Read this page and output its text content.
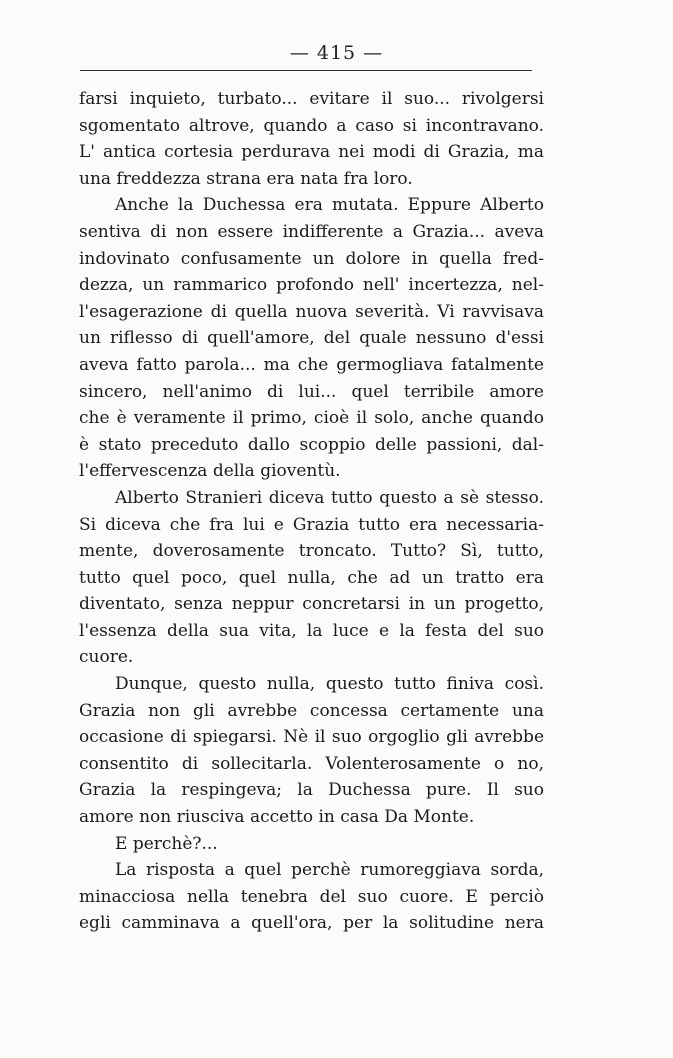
— 415 —
farsi inquieto, turbato... evitare il suo... rivolgersi
sgomentato altrove, quando a caso si incontravano.
L' antica cortesia perdurava nei modi di Grazia, ma
una freddezza strana era nata fra loro.
Anche la Duchessa era mutata. Eppure Alberto
sentiva di non essere indifferente a Grazia... aveva
indovinato confusamente un dolore in quella fred-
dezza, un rammarico profondo nell' incertezza, nel-
l'esagerazione di quella nuova severità. Vi ravvisava
un riflesso di quell'amore, del quale nessuno d'essi
aveva fatto parola... ma che germogliava fatalmente
sincero, nell'animo di lui... quel terribile amore
che è veramente il primo, cioè il solo, anche quando
è stato preceduto dallo scoppio delle passioni, dal-
l'effervescenza della gioventù.
Alberto Stranieri diceva tutto questo a sè stesso.
Si diceva che fra lui e Grazia tutto era necessaria-
mente, doverosamente troncato. Tutto? Sì, tutto,
tutto quel poco, quel nulla, che ad un tratto era
diventato, senza neppur concretarsi in un progetto,
l'essenza della sua vita, la luce e la festa del suo
cuore.
Dunque, questo nulla, questo tutto finiva così.
Grazia non gli avrebbe concessa certamente una
occasione di spiegarsi. Nè il suo orgoglio gli avrebbe
consentito di sollecitarla. Volenterosamente o no,
Grazia la respingeva; la Duchessa pure. Il suo
amore non riusciva accetto in casa Da Monte.
E perchè?...
La risposta a quel perchè rumoreggiava sorda,
minacciosa nella tenebra del suo cuore. E perciò
egli camminava a quell'ora, per la solitudine nera
